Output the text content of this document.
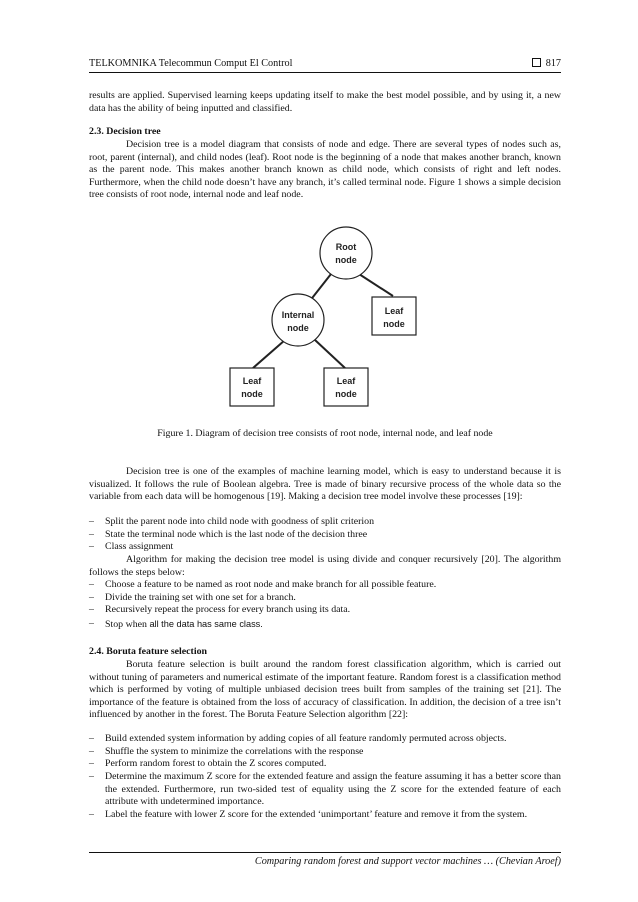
TELKOMNIKA Telecommun Comput El Control	817

results are applied. Supervised learning keeps updating itself to make the best model possible, and by using it, a new data has the ability of being inputted and classified.

2.3. Decision tree

Decision tree is a model diagram that consists of node and edge. There are several types of nodes such as, root, parent (internal), and child nodes (leaf). Root node is the beginning of a node that makes another branch, known as the parent node. This makes another branch known as child node, which consists of right and left nodes. Furthermore, when the child node doesn’t have any branch, it’s called terminal node. Figure 1 shows a simple decision tree consists of root node, internal node and leaf node.

Root
node
Internal
node
Leaf
node
Leaf
node
Leaf
node
Figure 1. Diagram of decision tree consists of root node, internal node, and leaf node

Decision tree is one of the examples of machine learning model, which is easy to understand because it is visualized. It follows the rule of Boolean algebra. Tree is made of binary recursive process of the whole data so the variable from each data will be homogenous [19]. Making a decision tree model involve these processes [19]:

– Split the parent node into child node with goodness of split criterion
– State the terminal node which is the last node of the decision three
– Class assignment

Algorithm for making the decision tree model is using divide and conquer recursively [20]. The algorithm follows the steps below:

– Choose a feature to be named as root node and make branch for all possible feature.
– Divide the training set with one set for a branch.
– Recursively repeat the process for every branch using its data.
– Stop when all the data has same class.

2.4. Boruta feature selection

Boruta feature selection is built around the random forest classification algorithm, which is carried out without tuning of parameters and numerical estimate of the important feature. Random forest is a classification method which is performed by voting of multiple unbiased decision trees built from samples of the training set [21]. The importance of the feature is obtained from the loss of accuracy of classification. In addition, the decision of a tree isn’t influenced by another in the forest. The Boruta Feature Selection algorithm [22]:

– Build extended system information by adding copies of all feature randomly permuted across objects.
– Shuffle the system to minimize the correlations with the response
– Perform random forest to obtain the Z scores computed.
– Determine the maximum Z score for the extended feature and assign the feature assuming it has a better score than the extended. Furthermore, run two-sided test of equality using the Z score for the extended feature of each attribute with undetermined importance.
– Label the feature with lower Z score for the extended ‘unimportant’ feature and remove it from the system.
Comparing random forest and support vector machines … (Chevian Aroef)
